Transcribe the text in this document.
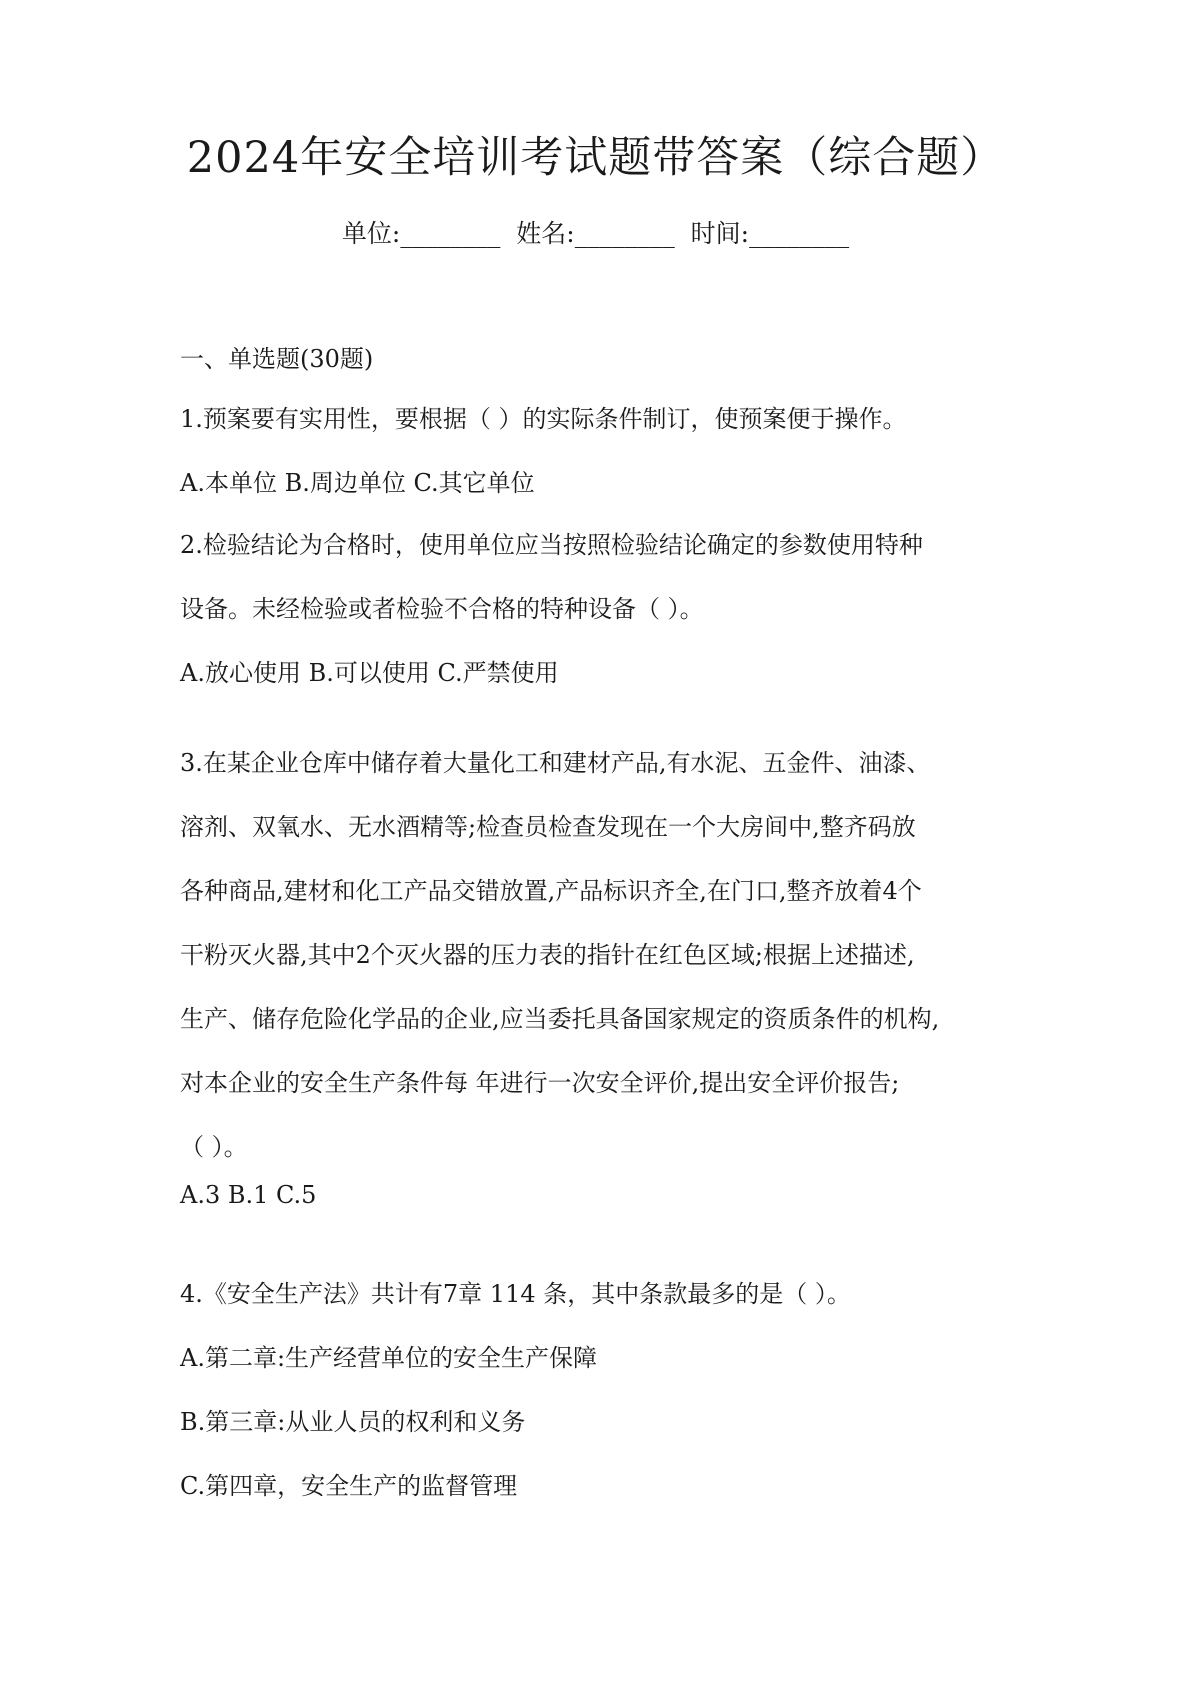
2024年安全培训考试题带答案（综合题）
单位:________ 姓名:________ 时间:________
一、单选题(30题)
1.预案要有实用性，要根据（ ）的实际条件制订，使预案便于操作。
A.本单位 B.周边单位 C.其它单位
2.检验结论为合格时，使用单位应当按照检验结论确定的参数使用特种
设备。未经检验或者检验不合格的特种设备（ ）。
A.放心使用 B.可以使用 C.严禁使用
3.在某企业仓库中储存着大量化工和建材产品,有水泥、五金件、油漆、
溶剂、双氧水、无水酒精等;检查员检查发现在一个大房间中,整齐码放
各种商品,建材和化工产品交错放置,产品标识齐全,在门口,整齐放着4个
干粉灭火器,其中2个灭火器的压力表的指针在红色区域;根据上述描述,
生产、储存危险化学品的企业,应当委托具备国家规定的资质条件的机构,
对本企业的安全生产条件每 年进行一次安全评价,提出安全评价报告;
（ ）。
A.3 B.1 C.5
4.《安全生产法》共计有7章 114 条，其中条款最多的是（ ）。
A.第二章:生产经营单位的安全生产保障
B.第三章:从业人员的权利和义务
C.第四章，安全生产的监督管理
